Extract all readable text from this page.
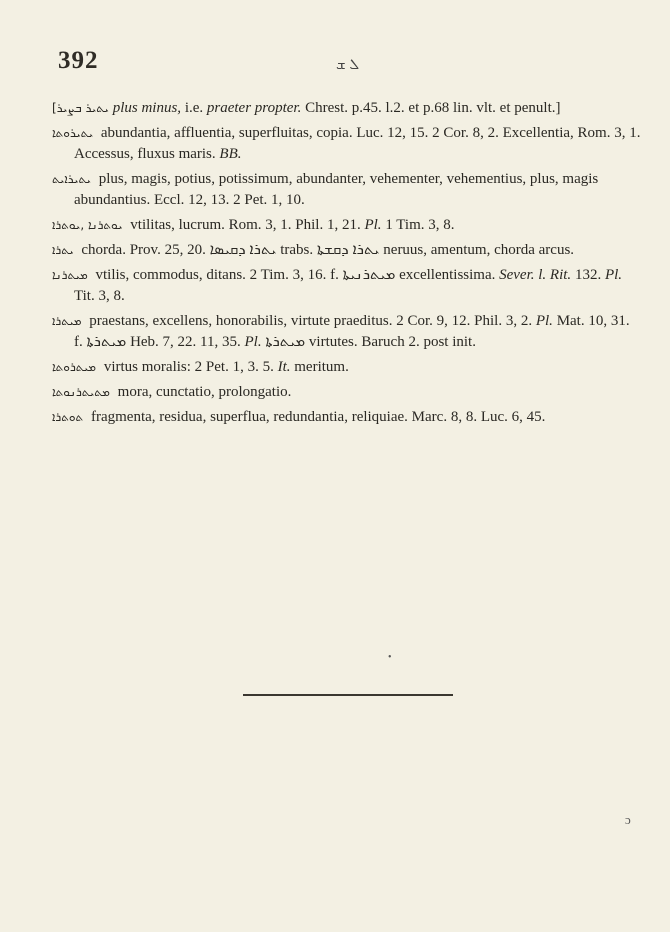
392	ܠ ܫ
[ܝܬܝܪ ܒܨܝܪ plus minus, i.e. praeter propter. Chrest. p.45. l.2. et p.68 lin. vlt. et penult.]
ܝܬܝܪܘܬܐ abundantia, affluentia, superfluitas, copia. Luc. 12, 15. 2 Cor. 8, 2. Excellentia, Rom. 3, 1. Accessus, fluxus maris. BB.
ܝܬܝܪܐܝܬ plus, magis, potius, potissimum, abundanter, vehementer, vehementius, plus, magis abundantius. Eccl. 12, 13. 2 Pet. 1, 10.
ܝܘܬܪܢܐ ,ܝܘܬܪܐ vtilitas, lucrum. Rom. 3, 1. Phil. 1, 21. Pl. 1 Tim. 3, 8.
ܝܬܪܐ chorda. Prov. 25, 20. ܝܬܪܐ ܕܩܝܣܐ trabs. ܝܬܪܐ ܕܩܫܬܐ neruus, amentum, chorda arcus.
ܡܝܬܪܢܐ vtilis, commodus, ditans. 2 Tim. 3, 16. f. ܡܝܬܪܢܝܬܐ excellentissima. Sever. l. Rit. 132. Pl. Tit. 3, 8.
ܡܝܬܪܐ praestans, excellens, honorabilis, virtute praeditus. 2 Cor. 9, 12. Phil. 3, 2. Pl. Mat. 10, 31. f. ܡܝܬܪܬܐ Heb. 7, 22. 11, 35. Pl. ܡܝܬܪܬܐ virtutes. Baruch 2. post init.
ܡܝܬܪܘܬܐ virtus moralis: 2 Pet. 1, 3. 5. It. meritum.
ܡܬܝܬܪܢܘܬܐ mora, cunctatio, prolongatio.
ܬܘܬܪܐ fragmenta, residua, superflua, redundantia, reliquiae. Marc. 8, 8. Luc. 6, 45.
•
ɔ
